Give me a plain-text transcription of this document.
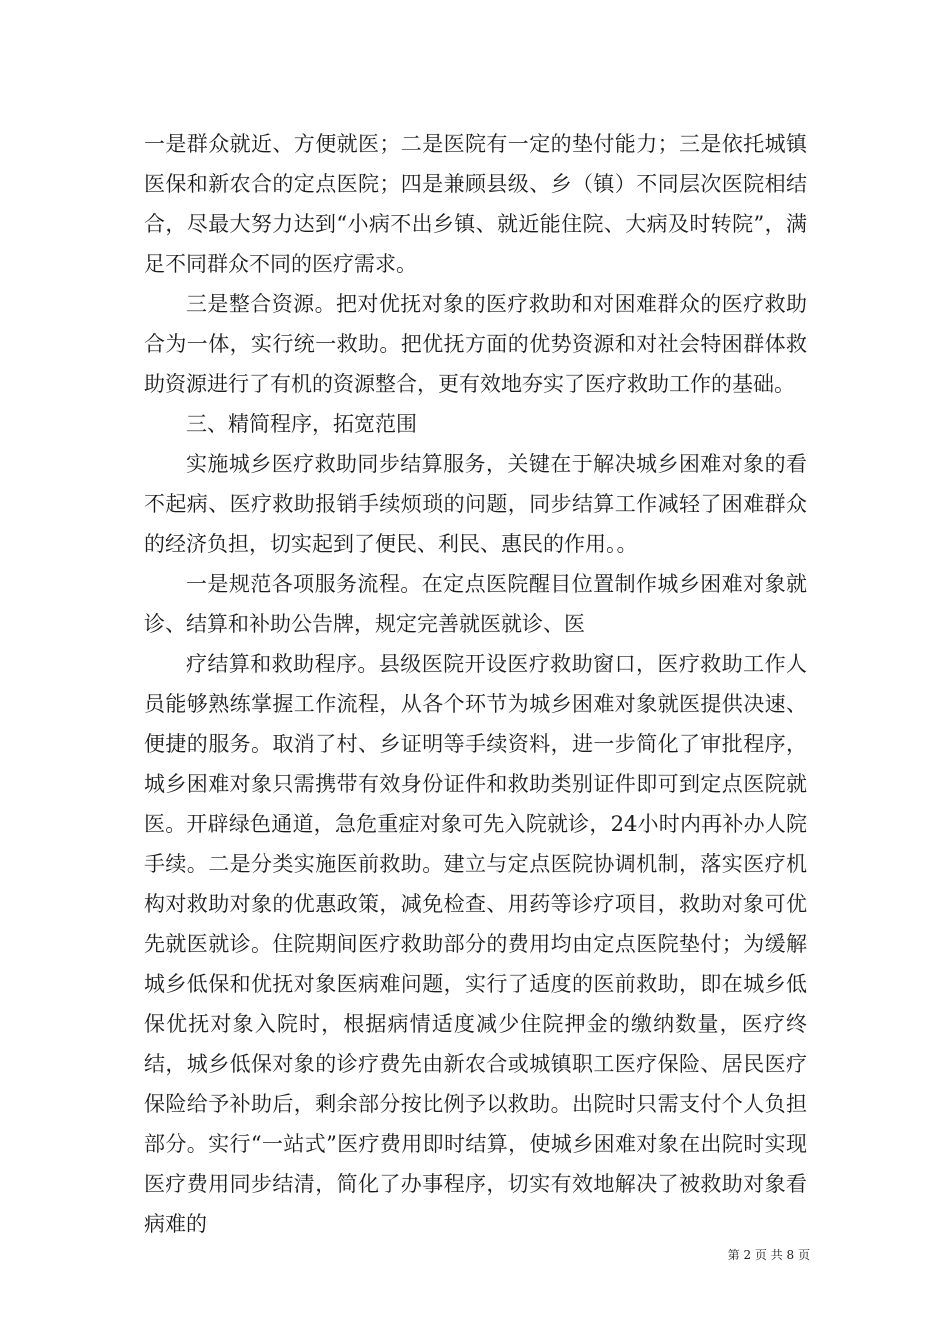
一是群众就近、方便就医；二是医院有一定的垫付能力；三是依托城镇医保和新农合的定点医院；四是兼顾县级、乡（镇）不同层次医院相结合，尽最大努力达到“小病不出乡镇、就近能住院、大病及时转院”，满足不同群众不同的医疗需求。

三是整合资源。把对优抚对象的医疗救助和对困难群众的医疗救助合为一体，实行统一救助。把优抚方面的优势资源和对社会特困群体救助资源进行了有机的资源整合，更有效地夯实了医疗救助工作的基础。

三、精简程序，拓宽范围

实施城乡医疗救助同步结算服务，关键在于解决城乡困难对象的看不起病、医疗救助报销手续烦琐的问题，同步结算工作减轻了困难群众的经济负担，切实起到了便民、利民、惠民的作用。。

一是规范各项服务流程。在定点医院醒目位置制作城乡困难对象就诊、结算和补助公告牌，规定完善就医就诊、医

疗结算和救助程序。县级医院开设医疗救助窗口，医疗救助工作人员能够熟练掌握工作流程，从各个环节为城乡困难对象就医提供决速、便捷的服务。取消了村、乡证明等手续资料，进一步简化了审批程序，城乡困难对象只需携带有效身份证件和救助类别证件即可到定点医院就医。开辟绿色通道，急危重症对象可先入院就诊，24小时内再补办人院手续。二是分类实施医前救助。建立与定点医院协调机制，落实医疗机构对救助对象的优惠政策，减免检查、用药等诊疗项目，救助对象可优先就医就诊。住院期间医疗救助部分的费用均由定点医院垫付；为缓解城乡低保和优抚对象医病难问题，实行了适度的医前救助，即在城乡低保优抚对象入院时，根据病情适度减少住院押金的缴纳数量，医疗终结，城乡低保对象的诊疗费先由新农合或城镇职工医疗保险、居民医疗保险给予补助后，剩余部分按比例予以救助。出院时只需支付个人负担部分。实行“一站式”医疗费用即时结算，使城乡困难对象在出院时实现医疗费用同步结清，简化了办事程序，切实有效地解决了被救助对象看病难的

第 2 页 共 8 页
